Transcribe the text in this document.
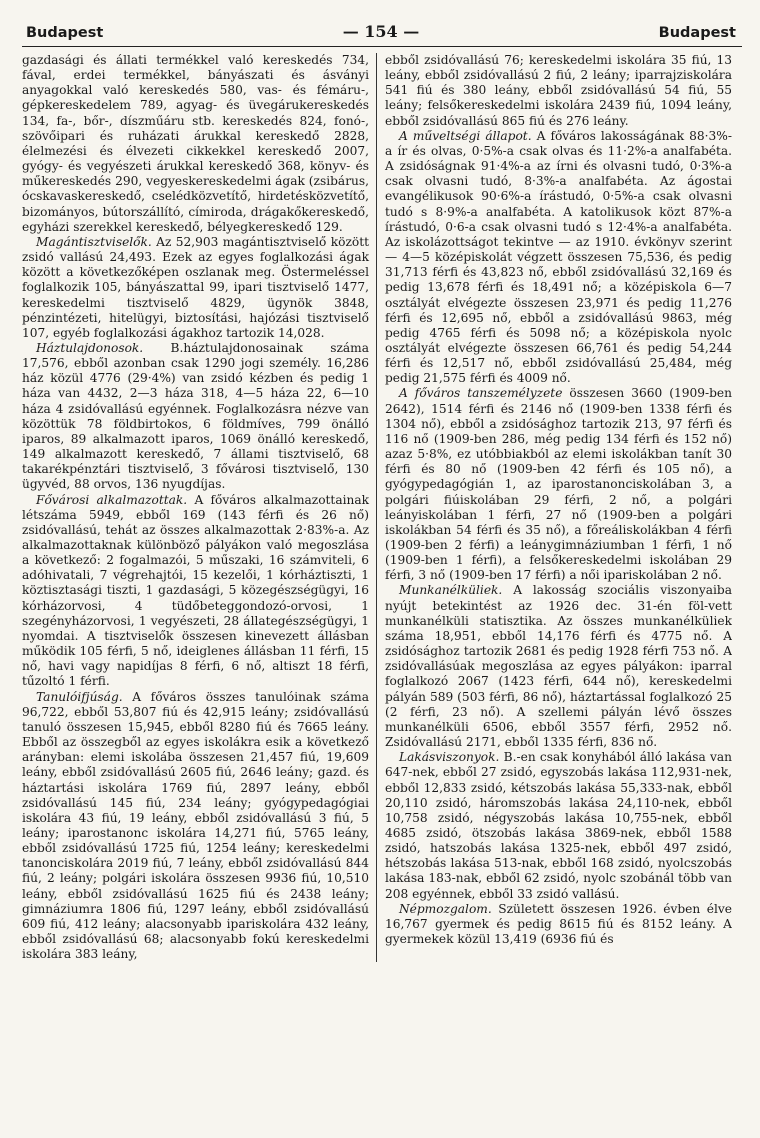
Budapest	— 154 —	Budapest

gazdasági és állati termékkel való kereskedés 734, fával, erdei termékkel, bányászati és ásványi anyagokkal való kereskedés 580, vas- és fémáru-, gépkereskedelem 789, agyag- és üvegárukereskedés 134, fa-, bőr-, díszműáru stb. kereskedés 824, fonó-, szövőipari és ruházati árukkal kereskedő 2828, élelmezési és élvezeti cikkekkel kereskedő 2007, gyógy- és vegyészeti árukkal kereskedő 368, könyv- és műkereskedés 290, vegyeskereskedelmi ágak (zsibárus, ócskavaskereskedő, cselédközvetítő, hirdetésközvetítő, bizományos, bútorszállító, címiroda, drágakőkereskedő, egyházi szerekkel kereskedő, bélyegkereskedő 129.

Magántisztviselők. Az 52,903 magántisztviselő között zsidó vallású 24,493. Ezek az egyes foglalkozási ágak között a következőképen oszlanak meg. Östermeléssel foglalkozik 105, bányászattal 99, ipari tisztviselő 1477, kereskedelmi tisztviselő 4829, ügynök 3848, pénzintézeti, hitelügyi, biztosítási, hajózási tisztviselő 107, egyéb foglalkozási ágakhoz tartozik 14,028.

Háztulajdonosok. B.háztulajdonosainak száma 17,576, ebből azonban csak 1290 jogi személy. 16,286 ház közül 4776 (29·4%) van zsidó kézben és pedig 1 háza van 4432, 2—3 háza 318, 4—5 háza 22, 6—10 háza 4 zsidóvallású egyénnek. Foglalkozásra nézve van közöttük 78 földbirtokos, 6 földmíves, 799 önálló iparos, 89 alkalmazott iparos, 1069 önálló kereskedő, 149 alkalmazott kereskedő, 7 állami tisztviselő, 68 takarékpénztári tisztviselő, 3 fővárosi tisztviselő, 130 ügyvéd, 88 orvos, 136 nyugdíjas.

Fővárosi alkalmazottak. A főváros alkalmazottainak létszáma 5949, ebből 169 (143 férfi és 26 nő) zsidóvallású, tehát az összes alkalmazottak 2·83%-a. Az alkalmazottaknak különböző pályákon való megoszlása a következő: 2 fogalmazói, 5 műszaki, 16 számviteli, 6 adóhivatali, 7 végrehajtói, 15 kezelői, 1 kórháztiszti, 1 köztisztasági tiszti, 1 gazdasági, 5 közegészségügyi, 16 kórházorvosi, 4 tüdőbeteggondozó-orvosi, 1 szegényházorvosi, 1 vegyészeti, 28 állategészségügyi, 1 nyomdai. A tisztviselők összesen kinevezett állásban működik 105 férfi, 5 nő, ideiglenes állásban 11 férfi, 15 nő, havi vagy napidíjas 8 férfi, 6 nő, altiszt 18 férfi, tűzoltó 1 férfi.

Tanulóifjúság. A főváros összes tanulóinak száma 96,722, ebből 53,807 fiú és 42,915 leány; zsidóvallású tanuló összesen 15,945, ebből 8280 fiú és 7665 leány. Ebből az összegből az egyes iskolákra esik a következő arányban: elemi iskolába összesen 21,457 fiú, 19,609 leány, ebből zsidóvallású 2605 fiú, 2646 leány; gazd. és háztartási iskolára 1769 fiú, 2897 leány, ebből zsidóvallású 145 fiú, 234 leány; gyógypedagógiai iskolára 43 fiú, 19 leány, ebből zsidóvallású 3 fiú, 5 leány; iparostanonc iskolára 14,271 fiú, 5765 leány, ebből zsidóvallású 1725 fiú, 1254 leány; kereskedelmi tanonciskolára 2019 fiú, 7 leány, ebből zsidóvallású 844 fiú, 2 leány; polgári iskolára összesen 9936 fiú, 10,510 leány, ebből zsidóvallású 1625 fiú és 2438 leány; gimnáziumra 1806 fiú, 1297 leány, ebből zsidóvallású 609 fiú, 412 leány; alacsonyabb ipariskolára 432 leány, ebből zsidóvallású 68; alacsonyabb fokú kereskedelmi iskolára 383 leány,

ebből zsidóvallású 76; kereskedelmi iskolára 35 fiú, 13 leány, ebből zsidóvallású 2 fiú, 2 leány; iparrajziskolára 541 fiú és 380 leány, ebből zsidóvallású 54 fiú, 55 leány; felsőkereskedelmi iskolára 2439 fiú, 1094 leány, ebből zsidóvallású 865 fiú és 276 leány.

A műveltségi állapot. A főváros lakosságának 88·3%-a ír és olvas, 0·5%-a csak olvas és 11·2%-a analfabéta. A zsidóságnak 91·4%-a az írni és olvasni tudó, 0·3%-a csak olvasni tudó, 8·3%-a analfabéta. Az ágostai evangélikusok 90·6%-a írástudó, 0·5%-a csak olvasni tudó s 8·9%-a analfabéta. A katolikusok közt 87%-a írástudó, 0·6-a csak olvasni tudó s 12·4%-a analfabéta. Az iskolázottságot tekintve — az 1910. évkönyv szerint — 4—5 középiskolát végzett összesen 75,536, és pedig 31,713 férfi és 43,823 nő, ebből zsidóvallású 32,169 és pedig 13,678 férfi és 18,491 nő; a középiskola 6—7 osztályát elvégezte összesen 23,971 és pedig 11,276 férfi és 12,695 nő, ebből a zsidóvallású 9863, még pedig 4765 férfi és 5098 nő; a középiskola nyolc osztályát elvégezte összesen 66,761 és pedig 54,244 férfi és 12,517 nő, ebből zsidóvallású 25,484, még pedig 21,575 férfi és 4009 nő.

A főváros tanszemélyzete összesen 3660 (1909-ben 2642), 1514 férfi és 2146 nő (1909-ben 1338 férfi és 1304 nő), ebből a zsidósághoz tartozik 213, 97 férfi és 116 nő (1909-ben 286, még pedig 134 férfi és 152 nő) azaz 5·8%, ez utóbbiakból az elemi iskolákban tanít 30 férfi és 80 nő (1909-ben 42 férfi és 105 nő), a gyógypedagógián 1, az iparostanonciskolában 3, a polgári fiúiskolában 29 férfi, 2 nő, a polgári leányiskolában 1 férfi, 27 nő (1909-ben a polgári iskolákban 54 férfi és 35 nő), a főreáliskolákban 4 férfi (1909-ben 2 férfi) a leánygimnáziumban 1 férfi, 1 nő (1909-ben 1 férfi), a felsőkereskedelmi iskolában 29 férfi, 3 nő (1909-ben 17 férfi) a női ipariskolában 2 nő.

Munkanélküliek. A lakosság szociális viszonyaiba nyújt betekintést az 1926 dec. 31-én föl-vett munkanélküli statisztika. Az összes munkanélküliek száma 18,951, ebből 14,176 férfi és 4775 nő. A zsidósághoz tartozik 2681 és pedig 1928 férfi 753 nő. A zsidóvallásúak megoszlása az egyes pályákon: iparral foglalkozó 2067 (1423 férfi, 644 nő), kereskedelmi pályán 589 (503 férfi, 86 nő), háztartással foglalkozó 25 (2 férfi, 23 nő). A szellemi pályán lévő összes munkanélküli 6506, ebből 3557 férfi, 2952 nő. Zsidóvallású 2171, ebből 1335 férfi, 836 nő.

Lakásviszonyok. B.-en csak konyhából álló lakása van 647-nek, ebből 27 zsidó, egyszobás lakása 112,931-nek, ebből 12,833 zsidó, kétszobás lakása 55,333-nak, ebből 20,110 zsidó, háromszobás lakása 24,110-nek, ebből 10,758 zsidó, négyszobás lakása 10,755-nek, ebből 4685 zsidó, ötszobás lakása 3869-nek, ebből 1588 zsidó, hatszobás lakása 1325-nek, ebből 497 zsidó, hétszobás lakása 513-nak, ebből 168 zsidó, nyolcszobás lakása 183-nak, ebből 62 zsidó, nyolc szobánál több van 208 egyénnek, ebből 33 zsidó vallású.

Népmozgalom. Született összesen 1926. évben élve 16,767 gyermek és pedig 8615 fiú és 8152 leány. A gyermekek közül 13,419 (6936 fiú és
